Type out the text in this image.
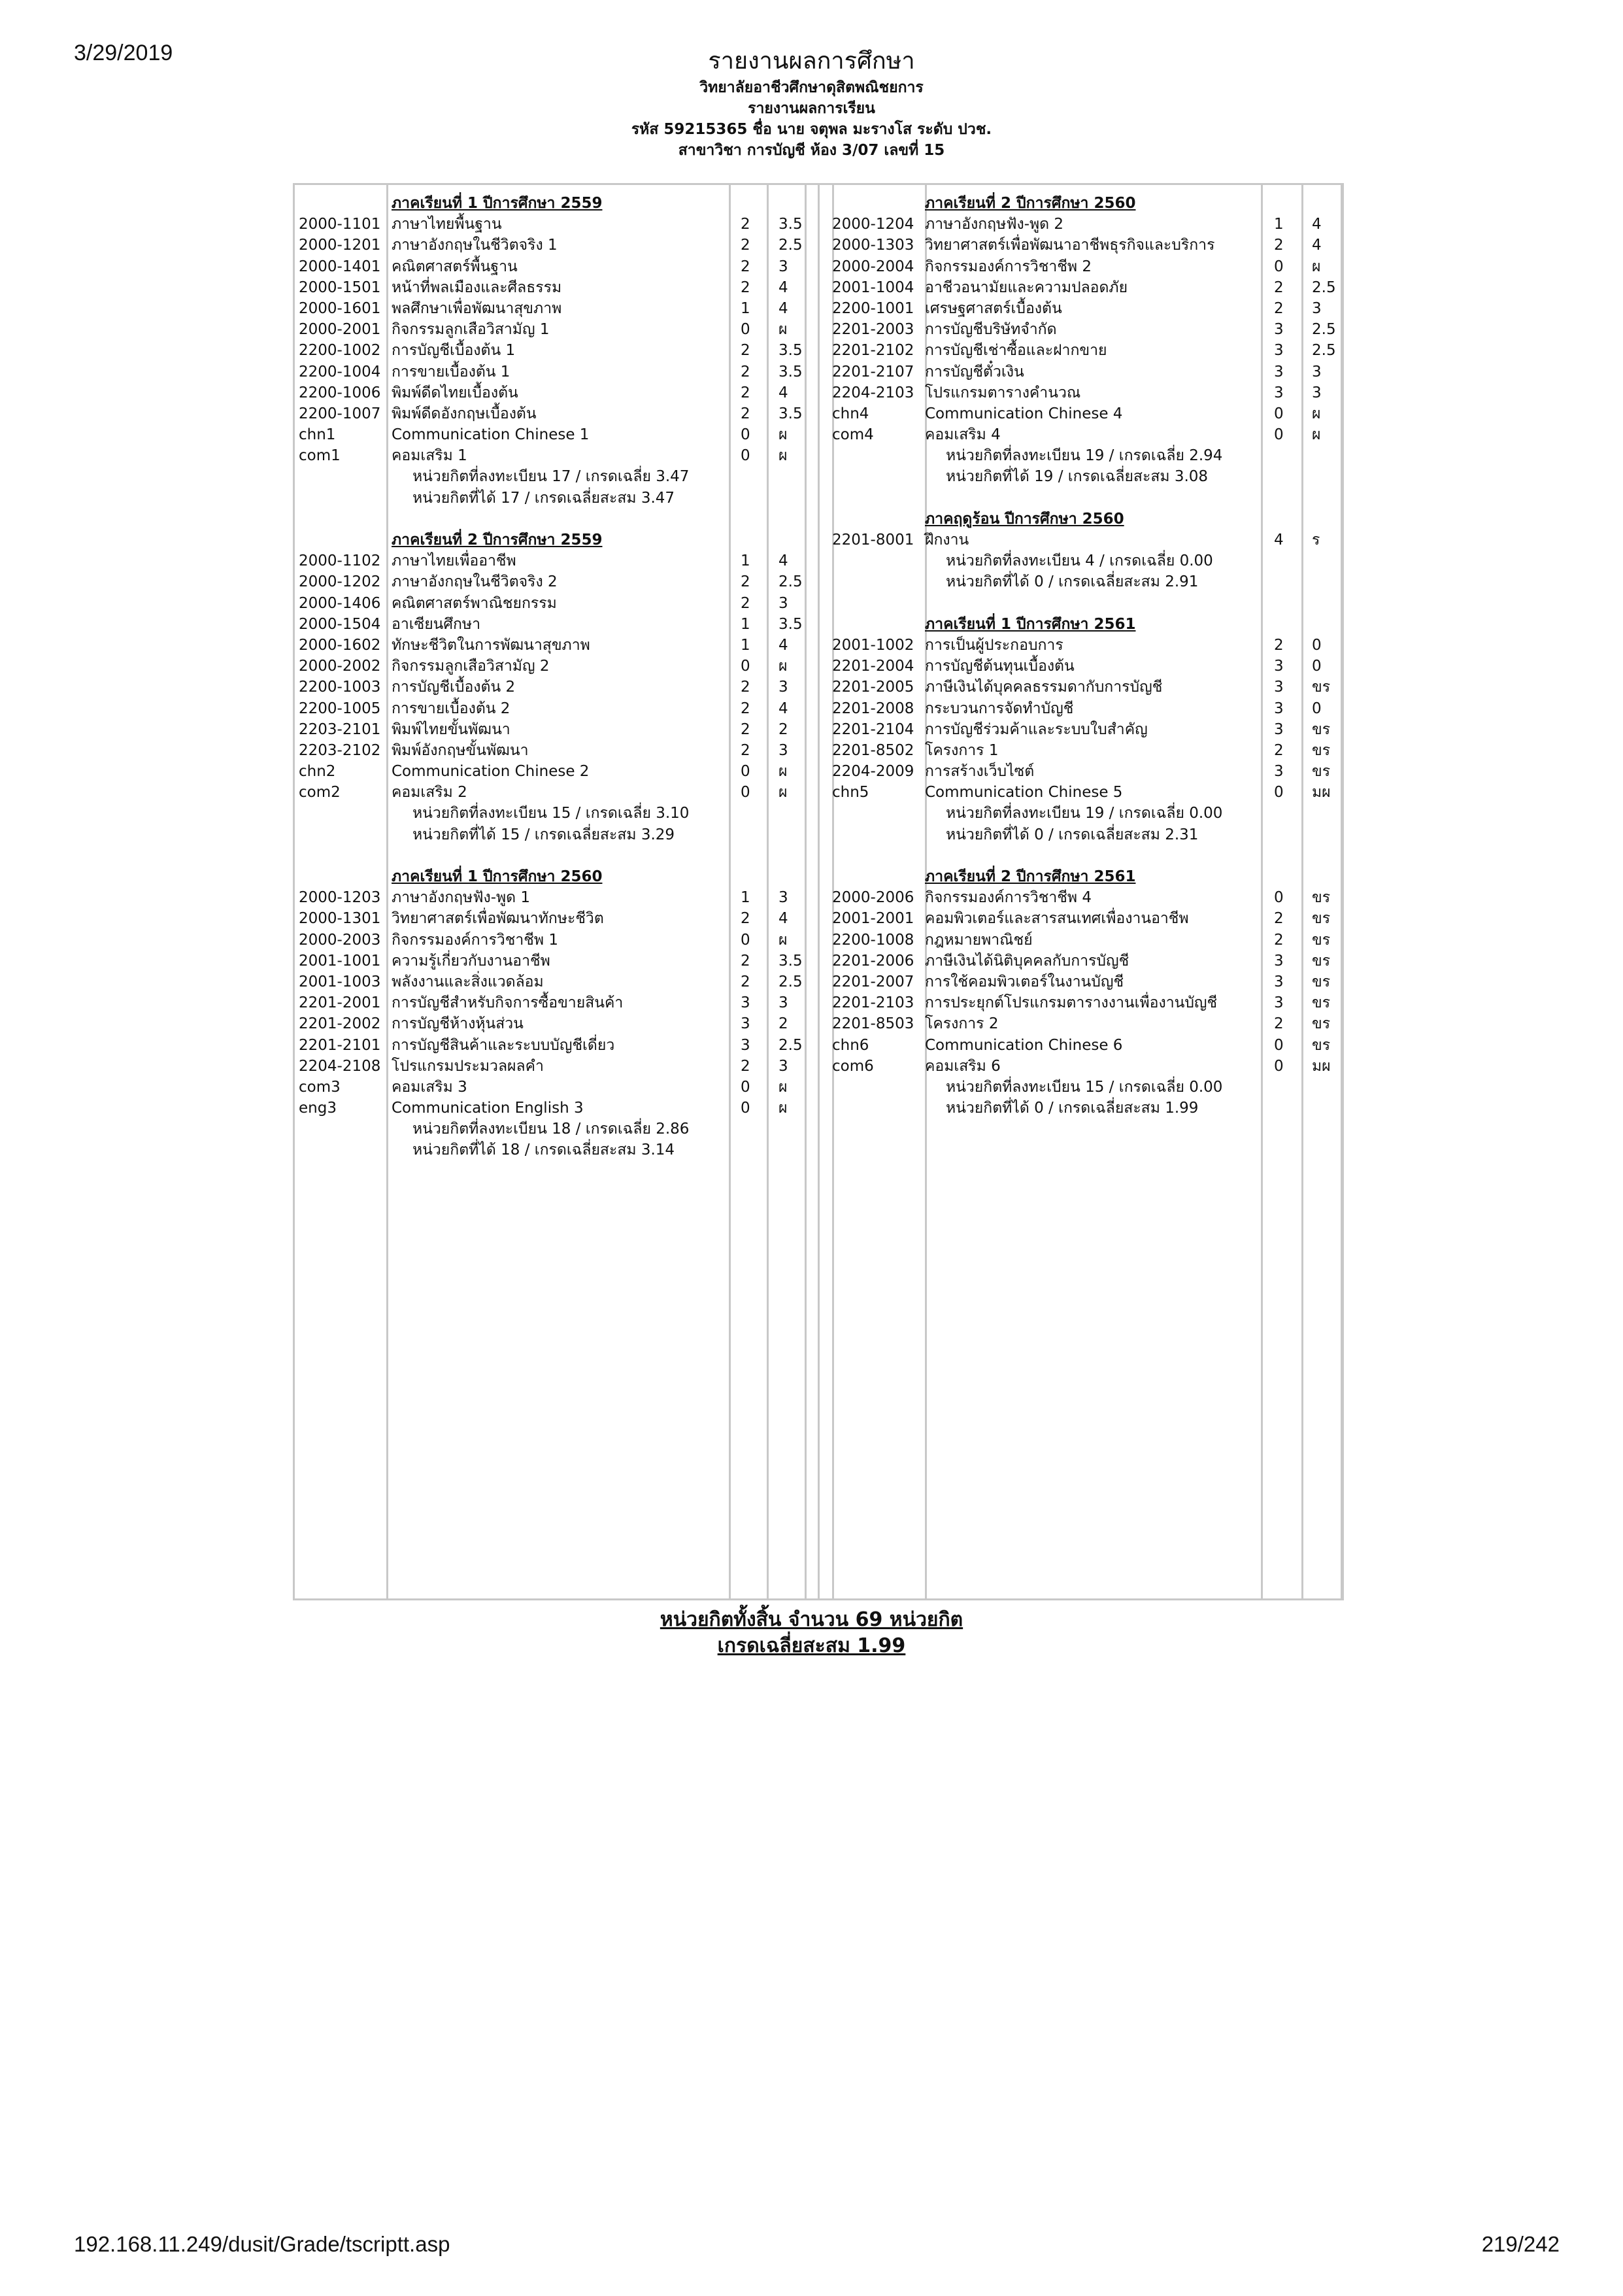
3/29/2019	รายงานผลการศึกษา
วิทยาลัยอาชีวศึกษาดุสิตพณิชยการ
รายงานผลการเรียน
รหัส 59215365 ชื่อ นาย จตุพล มะรางโส ระดับ ปวช.
สาขาวิชา การบัญชี ห้อง 3/07 เลขที่ 15
ภาคเรียนที่ 1 ปีการศึกษา 2559
2000-1101 ภาษาไทยพื้นฐาน	2 3.5
2000-1201 ภาษาอังกฤษในชีวิตจริง 1	2 2.5
2000-1401 คณิตศาสตร์พื้นฐาน	2 3
2000-1501 หน้าที่พลเมืองและศีลธรรม	2 4
2000-1601 พลศึกษาเพื่อพัฒนาสุขภาพ	1 4
2000-2001 กิจกรรมลูกเสือวิสามัญ 1	0 ผ
2200-1002 การบัญชีเบื้องต้น 1	2 3.5
2200-1004 การขายเบื้องต้น 1	2 3.5
2200-1006 พิมพ์ดีดไทยเบื้องต้น	2 4
2200-1007 พิมพ์ดีดอังกฤษเบื้องต้น	2 3.5
chn1	Communication Chinese 1	0 ผ
com1	คอมเสริม 1	0 ผ
หน่วยกิตที่ลงทะเบียน 17 / เกรดเฉลี่ย 3.47
หน่วยกิตที่ได้ 17 / เกรดเฉลี่ยสะสม 3.47
ภาคเรียนที่ 2 ปีการศึกษา 2559
2000-1102 ภาษาไทยเพื่ออาชีพ	1 4
2000-1202 ภาษาอังกฤษในชีวิตจริง 2	2 2.5
2000-1406 คณิตศาสตร์พาณิชยกรรม	2 3
2000-1504 อาเซียนศึกษา	1 3.5
2000-1602 ทักษะชีวิตในการพัฒนาสุขภาพ	1 4
2000-2002 กิจกรรมลูกเสือวิสามัญ 2	0 ผ
2200-1003 การบัญชีเบื้องต้น 2	2 3
2200-1005 การขายเบื้องต้น 2	2 4
2203-2101 พิมพ์ไทยขั้นพัฒนา	2 2
2203-2102 พิมพ์อังกฤษขั้นพัฒนา	2 3
chn2	Communication Chinese 2	0 ผ
com2	คอมเสริม 2	0 ผ
หน่วยกิตที่ลงทะเบียน 15 / เกรดเฉลี่ย 3.10
หน่วยกิตที่ได้ 15 / เกรดเฉลี่ยสะสม 3.29
ภาคเรียนที่ 1 ปีการศึกษา 2560
2000-1203 ภาษาอังกฤษฟัง-พูด 1	1 3
2000-1301 วิทยาศาสตร์เพื่อพัฒนาทักษะชีวิต	2 4
2000-2003 กิจกรรมองค์การวิชาชีพ 1	0 ผ
2001-1001 ความรู้เกี่ยวกับงานอาชีพ	2 3.5
2001-1003 พลังงานและสิ่งแวดล้อม	2 2.5
2201-2001 การบัญชีสำหรับกิจการซื้อขายสินค้า	3 3
2201-2002 การบัญชีห้างหุ้นส่วน	3 2
2201-2101 การบัญชีสินค้าและระบบบัญชีเดี่ยว	3 2.5
2204-2108 โปรแกรมประมวลผลคำ	2 3
com3	คอมเสริม 3	0 ผ
eng3	Communication English 3	0 ผ
หน่วยกิตที่ลงทะเบียน 18 / เกรดเฉลี่ย 2.86
หน่วยกิตที่ได้ 18 / เกรดเฉลี่ยสะสม 3.14
ภาคเรียนที่ 2 ปีการศึกษา 2560
2000-1204 ภาษาอังกฤษฟัง-พูด 2	1 4
2000-1303 วิทยาศาสตร์เพื่อพัฒนาอาชีพธุรกิจและบริการ	2 4
2000-2004 กิจกรรมองค์การวิชาชีพ 2	0 ผ
2001-1004 อาชีวอนามัยและความปลอดภัย	2 2.5
2200-1001 เศรษฐศาสตร์เบื้องต้น	2 3
2201-2003 การบัญชีบริษัทจำกัด	3 2.5
2201-2102 การบัญชีเช่าซื้อและฝากขาย	3 2.5
2201-2107 การบัญชีตั๋วเงิน	3 3
2204-2103 โปรแกรมตารางคำนวณ	3 3
chn4	Communication Chinese 4	0 ผ
com4	คอมเสริม 4	0 ผ
หน่วยกิตที่ลงทะเบียน 19 / เกรดเฉลี่ย 2.94
หน่วยกิตที่ได้ 19 / เกรดเฉลี่ยสะสม 3.08
ภาคฤดูร้อน ปีการศึกษา 2560
2201-8001 ฝึกงาน	4 ร
หน่วยกิตที่ลงทะเบียน 4 / เกรดเฉลี่ย 0.00
หน่วยกิตที่ได้ 0 / เกรดเฉลี่ยสะสม 2.91
ภาคเรียนที่ 1 ปีการศึกษา 2561
2001-1002 การเป็นผู้ประกอบการ	2 0
2201-2004 การบัญชีต้นทุนเบื้องต้น	3 0
2201-2005 ภาษีเงินได้บุคคลธรรมดากับการบัญชี	3 ขร
2201-2008 กระบวนการจัดทำบัญชี	3 0
2201-2104 การบัญชีร่วมค้าและระบบใบสำคัญ	3 ขร
2201-8502 โครงการ 1	2 ขร
2204-2009 การสร้างเว็บไซต์	3 ขร
chn5	Communication Chinese 5	0 มผ
หน่วยกิตที่ลงทะเบียน 19 / เกรดเฉลี่ย 0.00
หน่วยกิตที่ได้ 0 / เกรดเฉลี่ยสะสม 2.31
ภาคเรียนที่ 2 ปีการศึกษา 2561
2000-2006 กิจกรรมองค์การวิชาชีพ 4	0 ขร
2001-2001 คอมพิวเตอร์และสารสนเทศเพื่องานอาชีพ	2 ขร
2200-1008 กฎหมายพาณิชย์	2 ขร
2201-2006 ภาษีเงินได้นิติบุคคลกับการบัญชี	3 ขร
2201-2007 การใช้คอมพิวเตอร์ในงานบัญชี	3 ขร
2201-2103 การประยุกต์โปรแกรมตารางงานเพื่องานบัญชี	3 ขร
2201-8503 โครงการ 2	2 ขร
chn6	Communication Chinese 6	0 ขร
com6	คอมเสริม 6	0 มผ
หน่วยกิตที่ลงทะเบียน 15 / เกรดเฉลี่ย 0.00
หน่วยกิตที่ได้ 0 / เกรดเฉลี่ยสะสม 1.99
หน่วยกิตทั้งสิ้น จำนวน 69 หน่วยกิต
เกรดเฉลี่ยสะสม 1.99
192.168.11.249/dusit/Grade/tscriptt.asp	219/242
